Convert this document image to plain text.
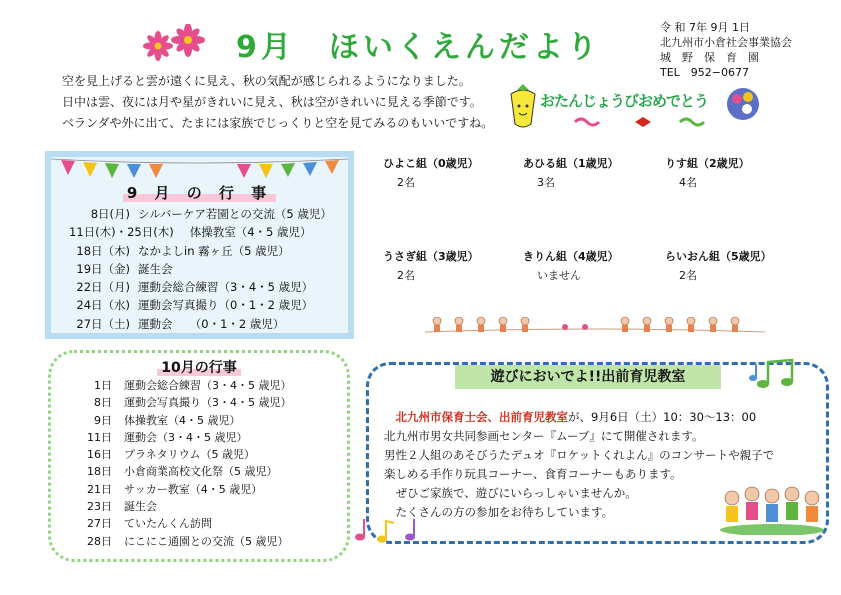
9月　ほいくえんだより
令 和 7年 9月 1日
北九州市小倉社会事業協会
城　野　保　育　園
TEL　952−0677
空を見上げると雲が遠くに見え、秋の気配が感じられるようになりました。
日中は雲、夜には月や星がきれいに見え、秋は空がきれいに見える季節です。
ベランダや外に出て、たまには家族でじっくりと空を見てみるのもいいですね。
おたんじょうびおめでとう
9 月 の 行 事
8日(月) シルバーケア若園との交流（5 歳児）
11日(木)・25日(木)	体操教室（4・5 歳児）
18日（木) なかよしin 霧ヶ丘（5 歳児）
19日（金) 誕生会
22日（月) 運動会総合練習（3・4・5 歳児）
24日（水) 運動会写真撮り（0・1・2 歳児）
27日（土) 運動会　　（0・1・2 歳児）
10月の行事
1日	運動会総合練習（3・4・5 歳児）
8日	運動会写真撮り（3・4・5 歳児）
9日	体操教室（4・5 歳児）
11日	運動会（3・4・5 歳児）
16日	プラネタリウム（5 歳児）
18日	小倉商業高校文化祭（5 歳児）
21日	サッカー教室（4・5 歳児）
23日	誕生会
27日	ていたんくん訪問
28日	にこにこ通園との交流（5 歳児）
ひよこ組（0歳児）
2名
あひる組（1歳児）
3名
りす組（2歳児）
4名
うさぎ組（3歳児）
2名
きりん組（4歳児）
いません
らいおん組（5歳児）
2名
遊びにおいでよ!!出前育児教室
　北九州市保育士会、出前育児教室が、9月6日（土）10：30〜13：00
北九州市男女共同参画センター『ムーブ』にて開催されます。
男性２人組のあそびうたデュオ『ロケットくれよん』のコンサートや親子で
楽しめる手作り玩具コーナー、食育コーナーもあります。
　ぜひご家族で、遊びにいらっしゃいませんか。
　たくさんの方の参加をお待ちしています。
